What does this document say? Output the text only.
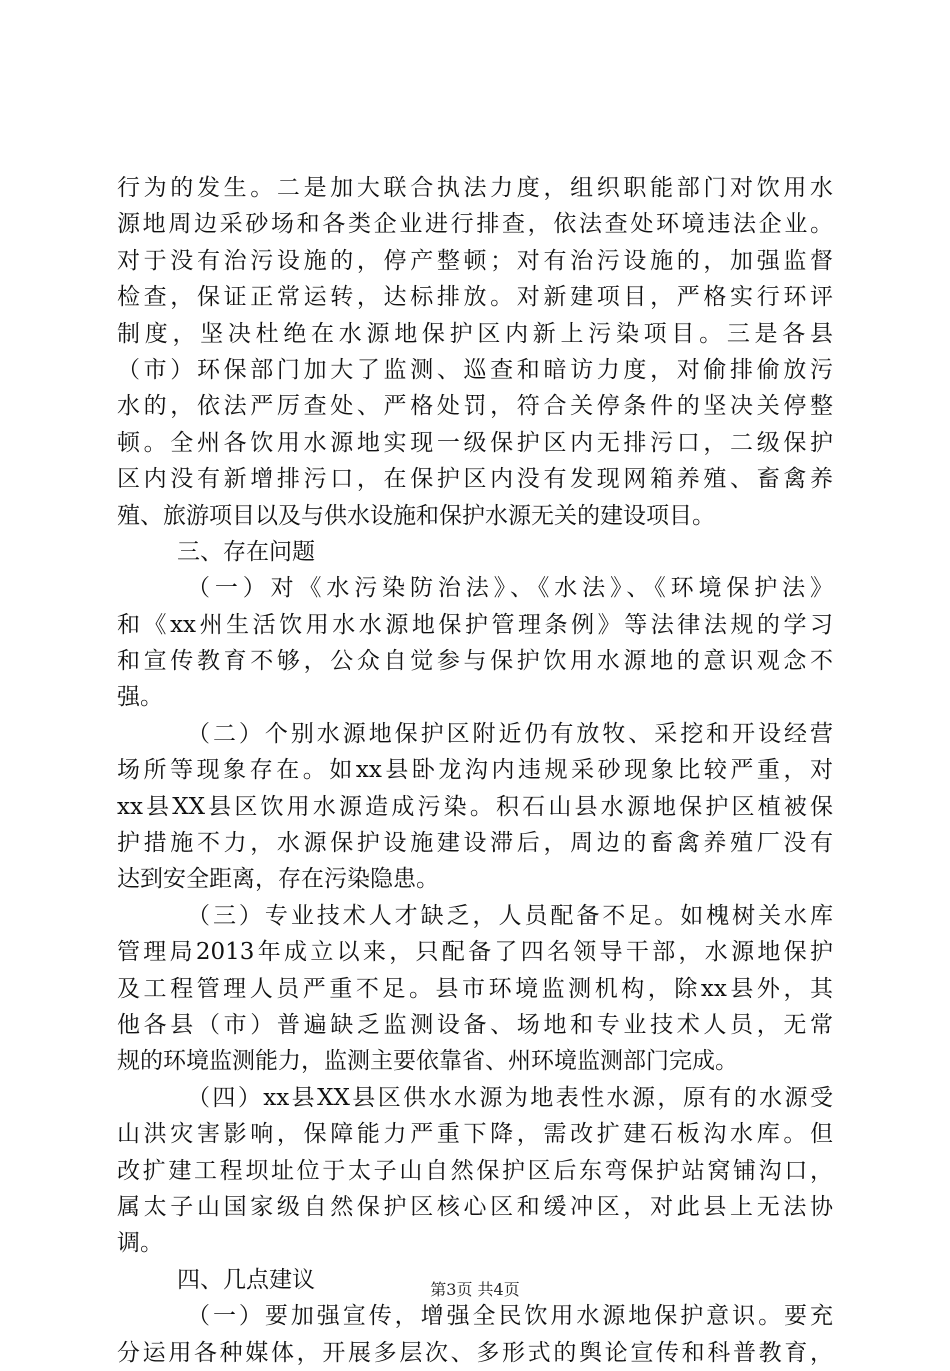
行为的发生。二是加大联合执法力度，组织职能部门对饮用水
源地周边采砂场和各类企业进行排查，依法查处环境违法企业。
对于没有治污设施的，停产整顿；对有治污设施的，加强监督
检查，保证正常运转，达标排放。对新建项目，严格实行环评
制度，坚决杜绝在水源地保护区内新上污染项目。三是各县
（市）环保部门加大了监测、巡查和暗访力度，对偷排偷放污
水的，依法严厉查处、严格处罚，符合关停条件的坚决关停整
顿。全州各饮用水源地实现一级保护区内无排污口，二级保护
区内没有新增排污口，在保护区内没有发现网箱养殖、畜禽养
殖、旅游项目以及与供水设施和保护水源无关的建设项目。
三、存在问题
（一）对《水污染防治法》、《水法》、《环境保护法》
和《xx州生活饮用水水源地保护管理条例》等法律法规的学习
和宣传教育不够，公众自觉参与保护饮用水源地的意识观念不
强。
（二）个别水源地保护区附近仍有放牧、采挖和开设经营
场所等现象存在。如xx县卧龙沟内违规采砂现象比较严重，对
xx县XX县区饮用水源造成污染。积石山县水源地保护区植被保
护措施不力，水源保护设施建设滞后，周边的畜禽养殖厂没有
达到安全距离，存在污染隐患。
（三）专业技术人才缺乏，人员配备不足。如槐树关水库
管理局2013年成立以来，只配备了四名领导干部，水源地保护
及工程管理人员严重不足。县市环境监测机构，除xx县外，其
他各县（市）普遍缺乏监测设备、场地和专业技术人员，无常
规的环境监测能力，监测主要依靠省、州环境监测部门完成。
（四）xx县XX县区供水水源为地表性水源，原有的水源受
山洪灾害影响，保障能力严重下降，需改扩建石板沟水库。但
改扩建工程坝址位于太子山自然保护区后东弯保护站窝铺沟口，
属太子山国家级自然保护区核心区和缓冲区，对此县上无法协
调。
四、几点建议
（一）要加强宣传，增强全民饮用水源地保护意识。要充
分运用各种媒体，开展多层次、多形式的舆论宣传和科普教育，
第3页 共4页
